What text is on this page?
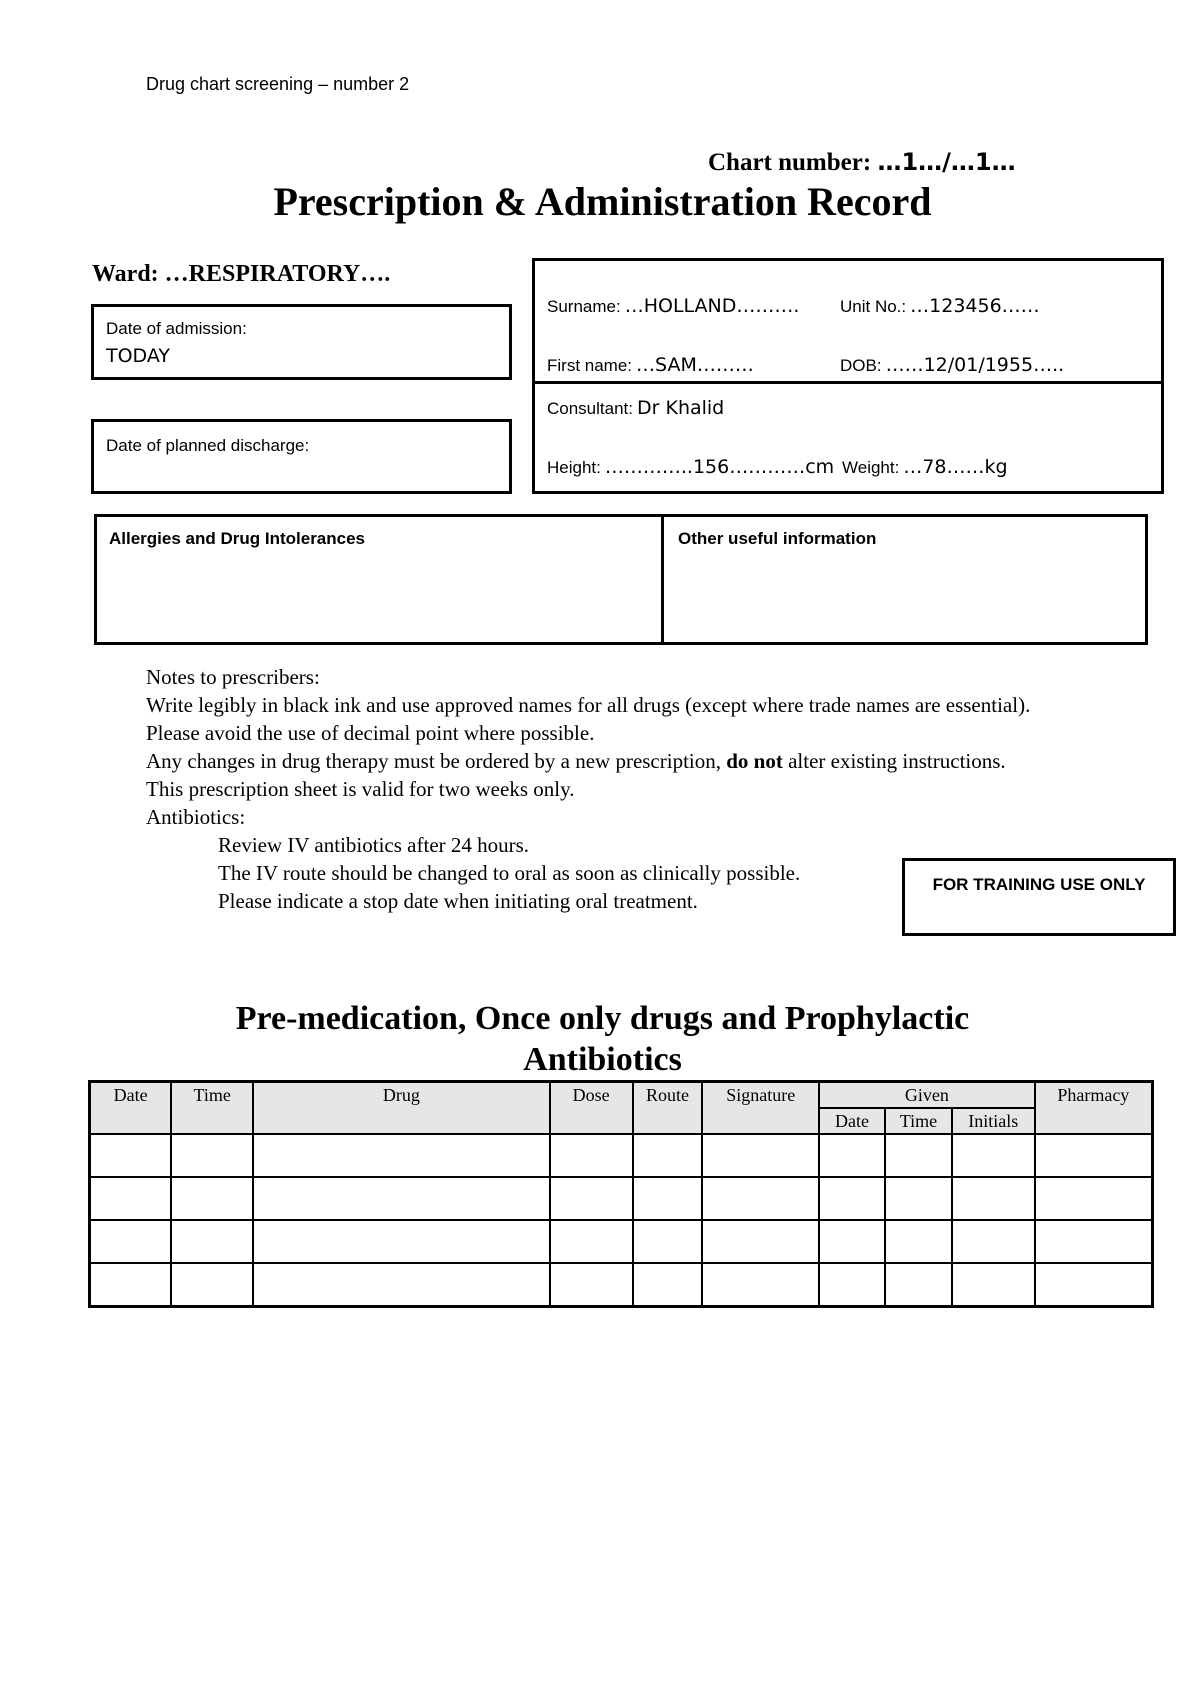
Drug chart screening – number 2
Chart number: …1…/…1…
Prescription & Administration Record
Ward: …RESPIRATORY….
Date of admission:
TODAY
Date of planned discharge:
Surname: …HOLLAND………. Unit No.: …123456……
First name: …SAM………	DOB: ……12/01/1955…..
Consultant: Dr Khalid
Height: …………..156…………cm Weight: …78……kg
Allergies and Drug Intolerances	Other useful information

Notes to prescribers:

Write legibly in black ink and use approved names for all drugs (except where trade names are essential).

Please avoid the use of decimal point where possible.

Any changes in drug therapy must be ordered by a new prescription, do not alter existing instructions.

This prescription sheet is valid for two weeks only.

Antibiotics:

Review IV antibiotics after 24 hours.

The IV route should be changed to oral as soon as clinically possible.

Please indicate a stop date when initiating oral treatment.

FOR TRAINING USE ONLY
Pre-medication, Once only drugs and Prophylactic
Antibiotics
Date	Time	Drug	Dose	Route	Signature	Given			Pharmacy
						Date	Time	Initials	
